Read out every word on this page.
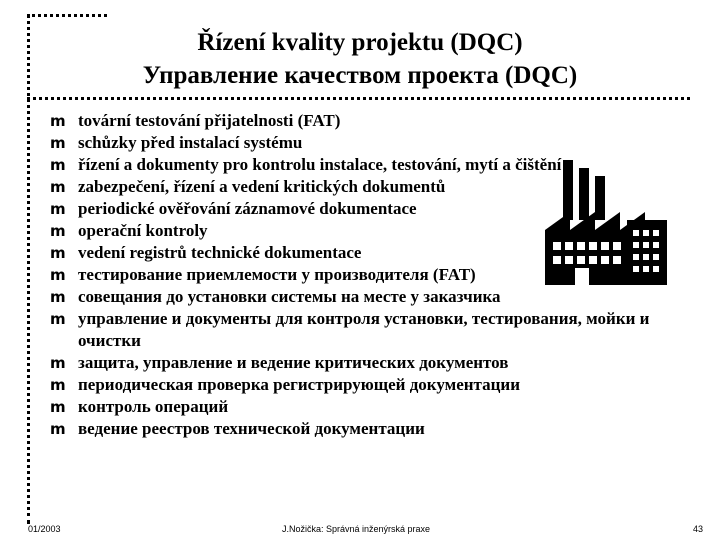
Řízení kvality projektu (DQC)
Управление качеством проекта (DQC)
m tovární testování přijatelnosti (FAT)
m schůzky před instalací systému
m řízení a dokumenty pro kontrolu instalace, testování, mytí a čištění
m zabezpečení, řízení a vedení kritických dokumentů
m periodické ověřování záznamové dokumentace
m operační kontroly
m vedení registrů technické dokumentace
m тестирование приемлемости у производителя (FAT)
m совещания до установки системы на месте у заказчика
m управление и документы для контроля установки, тестирования, мойки и очистки
m защита, управление и ведение критических документов
m периодическая проверка регистрирующей документации
m контроль операций
m ведение реестров технической документации
01/2003	J.Nožička: Správná inženýrská praxe	43
